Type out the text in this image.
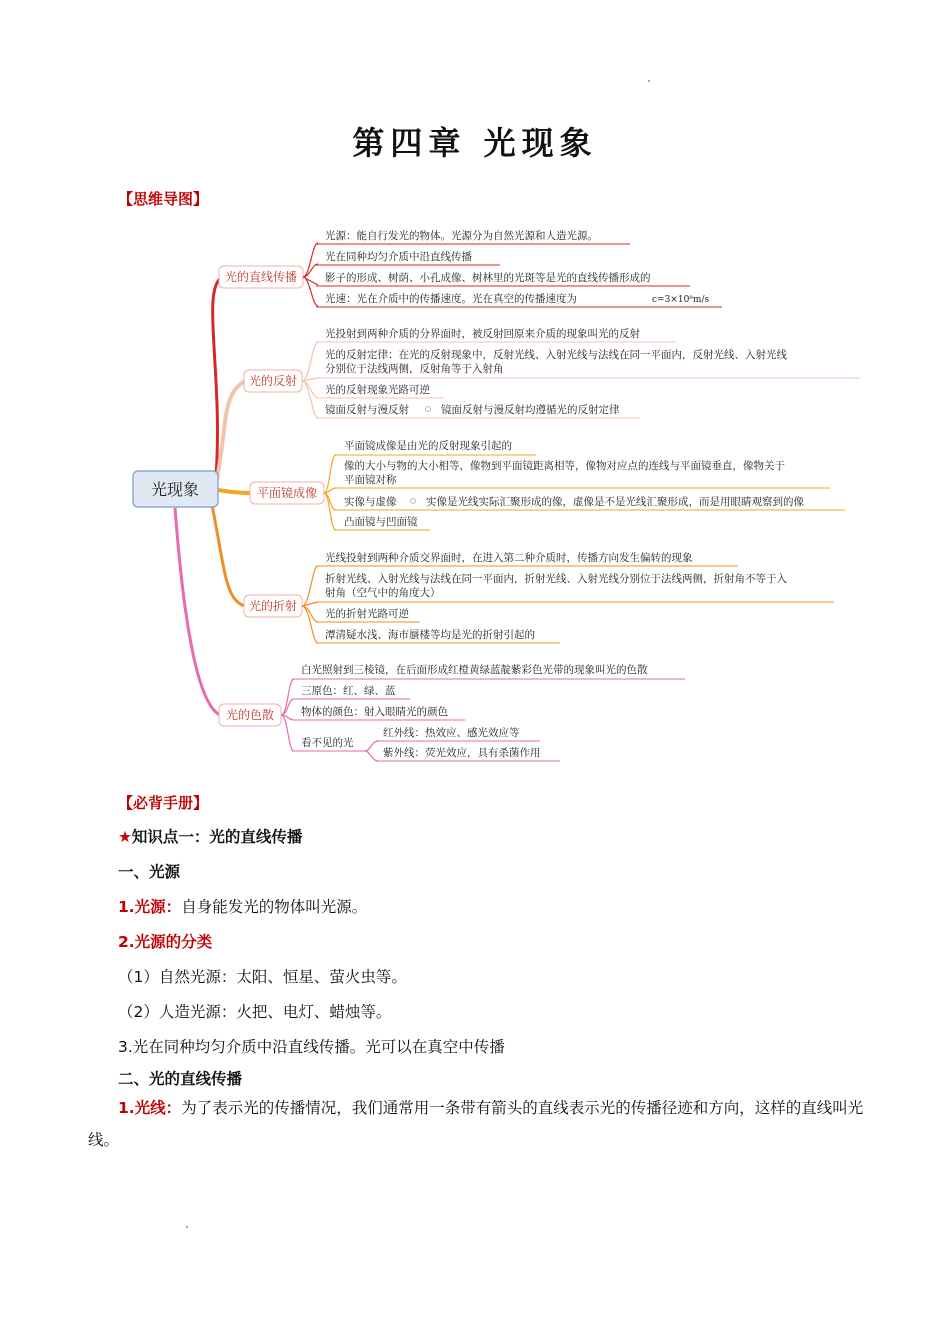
第四章 光现象
【思维导图】
光现象
光的直线传播
光源：能自行发光的物体。光源分为自然光源和人造光源。
光在同种均匀介质中沿直线传播
影子的形成、树荫、小孔成像、树林里的光斑等是光的直线传播形成的
光速：光在介质中的传播速度。光在真空的传播速度为	c=3×10⁸m/s
光的反射
光投射到两种介质的分界面时，被反射回原来介质的现象叫光的反射
光的反射定律：在光的反射现象中，反射光线、入射光线与法线在同一平面内，反射光线、入射光线
分别位于法线两侧，反射角等于入射角
光的反射现象光路可逆
镜面反射与漫反射	镜面反射与漫反射均遵循光的反射定律
平面镜成像
平面镜成像是由光的反射现象引起的
像的大小与物的大小相等，像物到平面镜距离相等，像物对应点的连线与平面镜垂直，像物关于
平面镜对称
实像与虚像
凸面镜与凹面镜
实像是光线实际汇聚形成的像，虚像是不是光线汇聚形成，而是用眼睛观察到的像
光的折射
光线投射到两种介质交界面时，在进入第二种介质时，传播方向发生偏转的现象
折射光线、入射光线与法线在同一平面内，折射光线、入射光线分别位于法线两侧，折射角不等于入
射角（空气中的角度大）
光的折射光路可逆
潭清疑水浅、海市蜃楼等均是光的折射引起的
光的色散
白光照射到三棱镜，在后面形成红橙黄绿蓝靛紫彩色光带的现象叫光的色散
三原色：红、绿、蓝
物体的颜色：射入眼睛光的颜色
看不见的光
红外线：热效应、感光效应等
紫外线：荧光效应，具有杀菌作用
【必背手册】
★知识点一：光的直线传播
一、光源
1.光源：自身能发光的物体叫光源。
2.光源的分类
（1）自然光源：太阳、恒星、萤火虫等。
（2）人造光源：火把、电灯、蜡烛等。
3.光在同种均匀介质中沿直线传播。光可以在真空中传播
二、光的直线传播
1.光线：为了表示光的传播情况，我们通常用一条带有箭头的直线表示光的传播径迹和方向，这样的直线叫光线。
